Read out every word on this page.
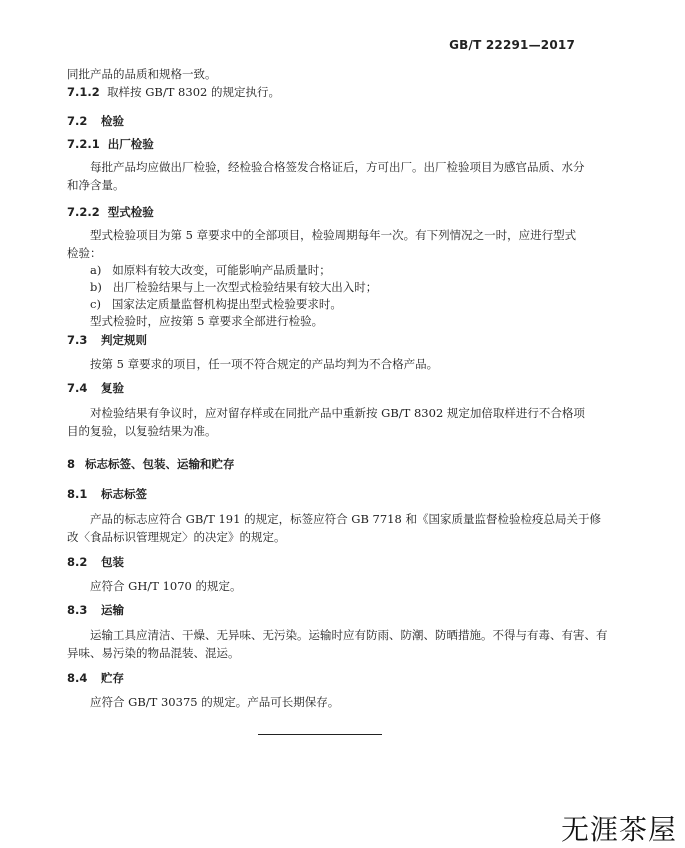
GB/T 22291—2017
同批产品的品质和规格一致。
7.1.2 取样按 GB/T 8302 的规定执行。
7.2 检验
7.2.1 出厂检验
每批产品均应做出厂检验，经检验合格签发合格证后，方可出厂。出厂检验项目为感官品质、水分
和净含量。
7.2.2 型式检验
型式检验项目为第 5 章要求中的全部项目，检验周期每年一次。有下列情况之一时，应进行型式
检验：
a)   如原料有较大改变，可能影响产品质量时；
b)   出厂检验结果与上一次型式检验结果有较大出入时；
c)   国家法定质量监督机构提出型式检验要求时。
型式检验时，应按第 5 章要求全部进行检验。
7.3 判定规则
按第 5 章要求的项目，任一项不符合规定的产品均判为不合格产品。
7.4 复验
对检验结果有争议时，应对留存样或在同批产品中重新按 GB/T 8302 规定加倍取样进行不合格项
目的复验，以复验结果为准。
8 标志标签、包装、运输和贮存
8.1 标志标签
产品的标志应符合 GB/T 191 的规定，标签应符合 GB 7718 和《国家质量监督检验检疫总局关于修
改〈食品标识管理规定〉的决定》的规定。
8.2 包装
应符合 GH/T 1070 的规定。
8.3 运输
运输工具应清洁、干燥、无异味、无污染。运输时应有防雨、防潮、防晒措施。不得与有毒、有害、有
异味、易污染的物品混装、混运。
8.4 贮存
应符合 GB/T 30375 的规定。产品可长期保存。
无涯茶屋
